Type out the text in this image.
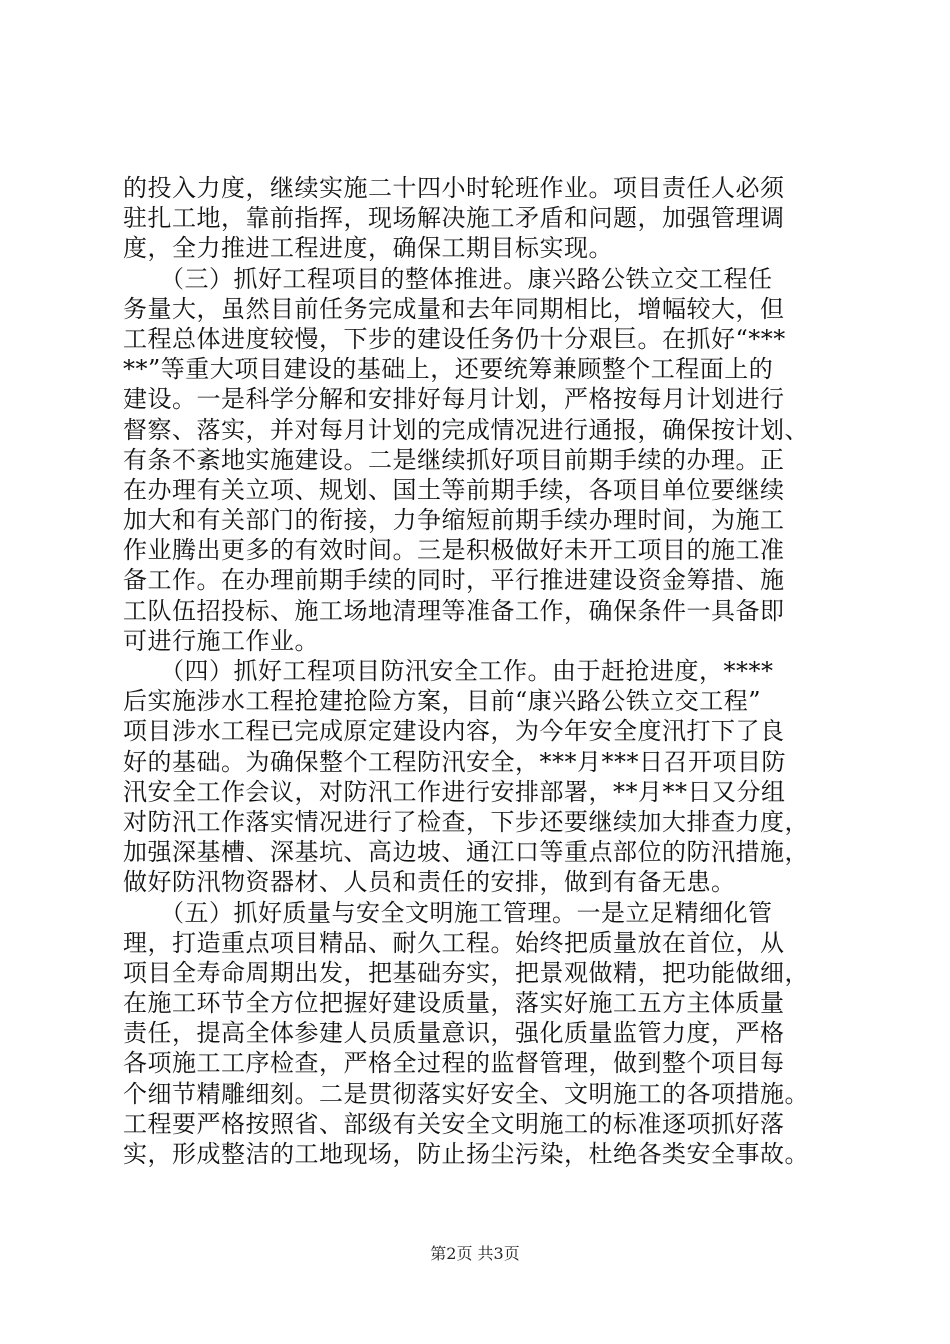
的投入力度，继续实施二十四小时轮班作业。项目责任人必须
驻扎工地，靠前指挥，现场解决施工矛盾和问题，加强管理调
度，全力推进工程进度，确保工期目标实现。
　　（三）抓好工程项目的整体推进。康兴路公铁立交工程任
务量大，虽然目前任务完成量和去年同期相比，增幅较大，但
工程总体进度较慢，下步的建设任务仍十分艰巨。在抓好“***
**”等重大项目建设的基础上，还要统筹兼顾整个工程面上的
建设。一是科学分解和安排好每月计划，严格按每月计划进行
督察、落实，并对每月计划的完成情况进行通报，确保按计划、
有条不紊地实施建设。二是继续抓好项目前期手续的办理。正
在办理有关立项、规划、国土等前期手续，各项目单位要继续
加大和有关部门的衔接，力争缩短前期手续办理时间，为施工
作业腾出更多的有效时间。三是积极做好未开工项目的施工准
备工作。在办理前期手续的同时，平行推进建设资金筹措、施
工队伍招投标、施工场地清理等准备工作，确保条件一具备即
可进行施工作业。
　　（四）抓好工程项目防汛安全工作。由于赶抢进度，****
后实施涉水工程抢建抢险方案，目前“康兴路公铁立交工程”
项目涉水工程已完成原定建设内容，为今年安全度汛打下了良
好的基础。为确保整个工程防汛安全，***月***日召开项目防
汛安全工作会议，对防汛工作进行安排部署，**月**日又分组
对防汛工作落实情况进行了检查，下步还要继续加大排查力度，
加强深基槽、深基坑、高边坡、通江口等重点部位的防汛措施，
做好防汛物资器材、人员和责任的安排，做到有备无患。
　　（五）抓好质量与安全文明施工管理。一是立足精细化管
理，打造重点项目精品、耐久工程。始终把质量放在首位，从
项目全寿命周期出发，把基础夯实，把景观做精，把功能做细，
在施工环节全方位把握好建设质量，落实好施工五方主体质量
责任，提高全体参建人员质量意识，强化质量监管力度，严格
各项施工工序检查，严格全过程的监督管理，做到整个项目每
个细节精雕细刻。二是贯彻落实好安全、文明施工的各项措施。
工程要严格按照省、部级有关安全文明施工的标准逐项抓好落
实，形成整洁的工地现场，防止扬尘污染，杜绝各类安全事故。
第2页 共3页
